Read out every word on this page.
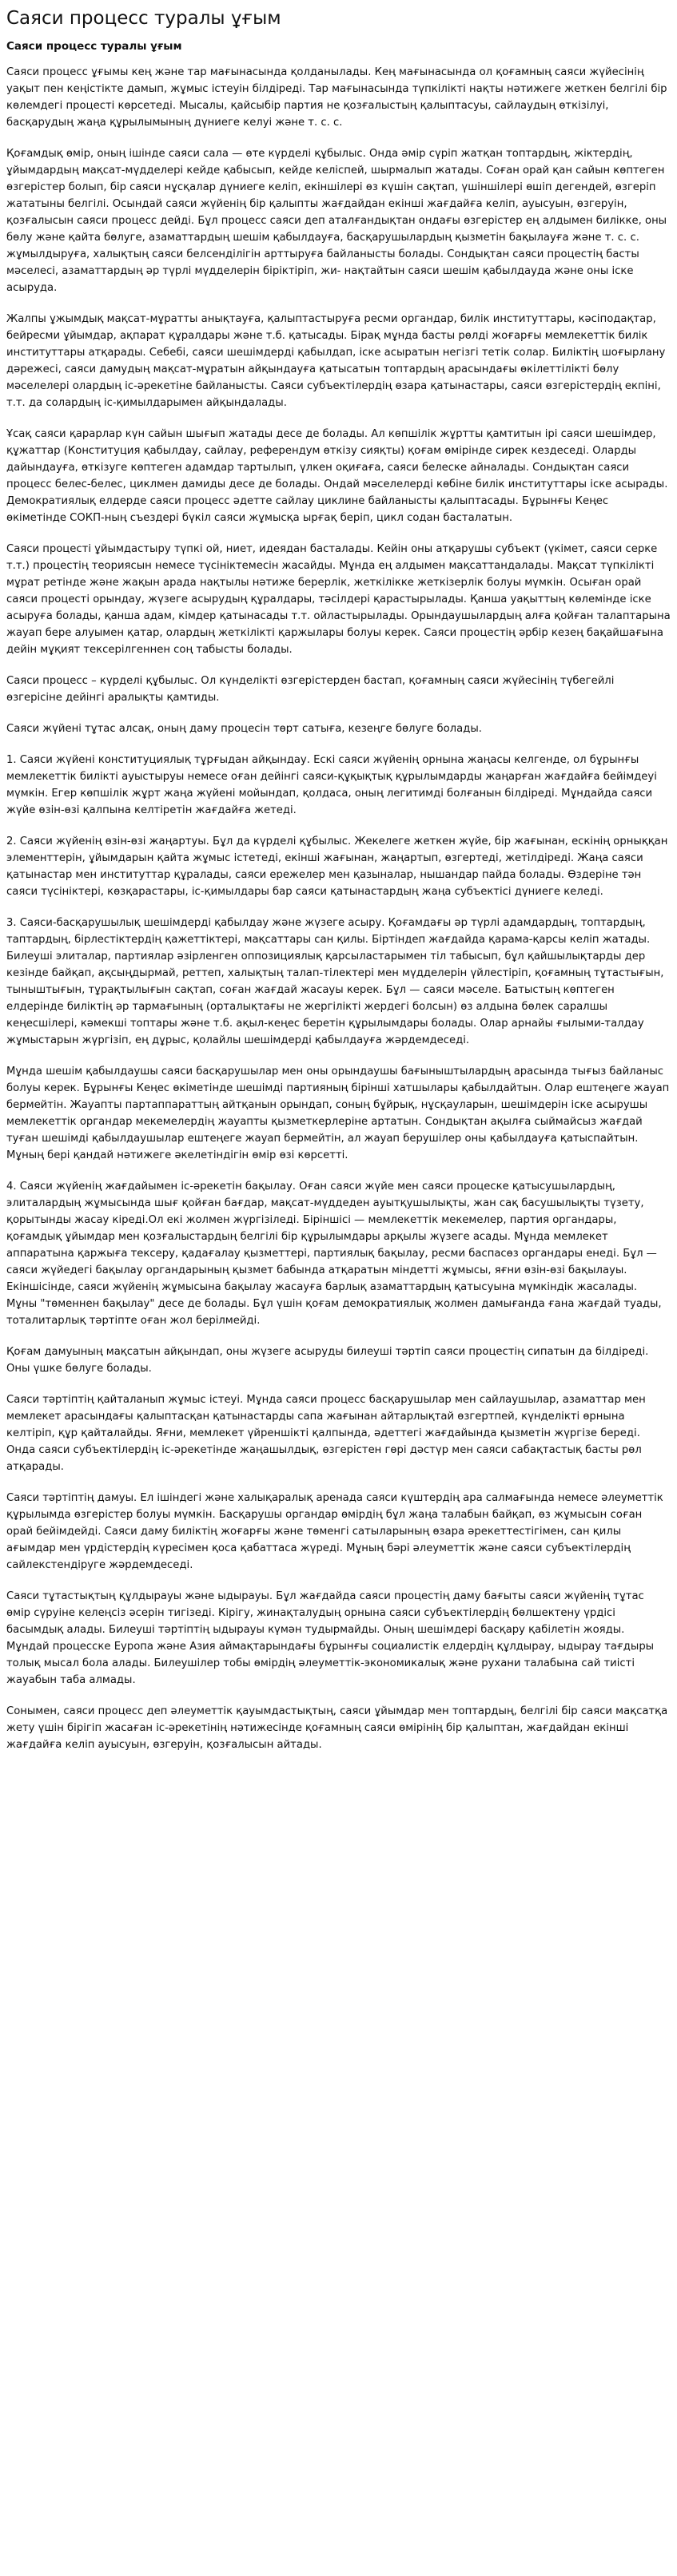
Саяси процесс туралы ұғым
Саяси процесс туралы ұғым

Саяси процесс ұғымы кең және тар мағынасында қолданылады. Кең мағынасында ол қоғамның саяси жүйесінің уақыт пен кеңістікте дамып, жұмыс істеуін білдіреді. Тар мағынасында түпкілікті нақты нәтижеге жеткен белгілі бір көлемдегі процесті көрсетеді. Мысалы, қайсыбір партия не қозғалыстың қалыптасуы, сайлаудың өткізілуі, басқарудың жаңа құрылымының дүниеге келуі және т. с. с.

Қоғамдық өмір, оның ішінде саяси сала — өте күрделі құбылыс. Онда әмір сүріп жатқан топтардың, жіктердің, ұйымдардың мақсат-мүдделері кейде қабысып, кейде келіспей, шырмалып жатады. Соған орай қан сайын көптеген өзгерістер болып, бір саяси нұсқалар дүниеге келіп, екіншілері өз күшін сақтап, үшіншілері өшіп дегендей, өзгеріп жататыны белгілі. Осындай саяси жүйенің бір қалыпты жағдайдан екінші жағдайға келіп, ауысуын, өзгеруін, қозғалысын саяси процесс дейді. Бұл процесс саяси деп аталғандықтан ондағы өзгерістер ең алдымен билікке, оны бөлу және қайта бөлуге, азаматтардың шешім қабылдауға, басқарушылардың қызметін бақылауға және т. с. с. жұмылдыруға, халықтың саяси белсенділігін арттыруға байланысты болады. Сондықтан саяси процестің басты мәселесі, азаматтардың әр түрлі мүдделерін біріктіріп, жи- нақтайтын саяси шешім қабылдауда және оны іске асыруда.

Жалпы ұжымдық мақсат-мұратты анықтауға, қалыптастыруға ресми органдар, билік институттары, кәсіподақтар, бейресми ұйымдар, ақпарат құралдары және т.б. қатысады. Бірақ мұнда басты рөлді жоғарғы мемлекеттік билік институттары атқарады. Себебі, саяси шешімдерді қабылдап, іске асыратын негізгі тетік солар. Биліктің шоғырлану дәрежесі, саяси дамудың мақсат-мұратын айқындауға қатысатын топтардың арасындағы өкілеттілікті бөлу мәселелері олардың іс-әрекетіне байланысты. Саяси субъектілердің өзара қатынастары, саяси өзгерістердің екпіні, т.т. да солардың іс-қимылдарымен айқындалады.

Ұсақ саяси қарарлар күн сайын шығып жатады десе де болады. Ал көпшілік жұртты қамтитын ірі саяси шешімдер, құжаттар (Конституция қабылдау, сайлау, референдум өткізу сияқты) қоғам өмірінде сирек кездеседі. Оларды дайындауға, өткізуге көптеген адамдар тартылып, үлкен оқиғаға, саяси белеске айналады. Сондықтан саяси процесс белес-белес, циклмен дамиды десе де болады. Ондай мәселелерді көбіне билік институттары іске асырады. Демократиялық елдерде саяси процесс әдетте сайлау циклине байланысты қалыптасады. Бұрынғы Кеңес өкіметінде СОКП-ның съездері бүкіл саяси жұмысқа ырғақ беріп, цикл содан басталатын.

Саяси процесті ұйымдастыру түпкі ой, ниет, идеядан басталады. Кейін оны атқарушы субъект (үкімет, саяси серке т.т.) процестің теориясын немесе түсініктемесін жасайды. Мұнда ең алдымен мақсаттандалады. Мақсат түпкілікті мұрат ретінде және жақын арада нақтылы нәтиже берерлік, жеткілікке жеткізерлік болуы мүмкін. Осыған орай саяси процесті орындау, жүзеге асырудың құралдары, тәсілдері қарастырылады. Қанша уақыттың көлемінде іске асыруға болады, қанша адам, кімдер қатынасады т.т. ойластырылады. Орындаушылардың алға қойған талаптарына жауап бере алуымен қатар, олардың жеткілікті қаржылары болуы керек. Саяси процестің әрбір кезең бақайшағына дейін мұқият тексерілгеннен соң табысты болады.

Саяси процесс – күрделі құбылыс. Ол күнделікті өзгерістерден бастап, қоғамның саяси жүйесінің түбегейлі өзгерісіне дейінгі аралықты қамтиды.

Саяси жүйені тұтас алсақ, оның даму процесін төрт сатыға, кезеңге бөлуге болады.

1. Саяси жүйені конституциялық тұрғыдан айқындау. Ескі саяси жүйенің орнына жаңасы келгенде, ол бұрынғы мемлекеттік билікті ауыстыруы немесе оған дейінгі саяси-құқықтық құрылымдарды жаңарған жағдайға бейімдеуі мүмкін. Егер көпшілік жұрт жаңа жүйені мойындап, қолдаса, оның легитимді болғанын білдіреді. Мұндайда саяси жүйе өзін-өзі қалпына келтіретін жағдайға жетеді.

2. Саяси жүйенің өзін-өзі жаңартуы. Бұл да күрделі құбылыс. Жекелеге жеткен жүйе, бір жағынан, ескінің орныққан элементтерін, ұйымдарын қайта жұмыс істетеді, екінші жағынан, жаңартып, өзгертеді, жетілдіреді. Жаңа саяси қатынастар мен институттар құралады, саяси ережелер мен қазыналар, нышандар пайда болады. Өздеріне тән саяси түсініктері, көзқарастары, іс-қимылдары бар саяси қатынастардың жаңа субъектісі дүниеге келеді.

3. Саяси-басқарушылық шешімдерді қабылдау және жүзеге асыру. Қоғамдағы әр түрлі адамдардың, топтардың, таптардың, бірлестіктердің қажеттіктері, мақсаттары сан қилы. Біртіндеп жағдайда қарама-қарсы келіп жатады. Билеуші элиталар, партиялар әзірленген оппозициялық қарсыластарымен тіл табысып, бұл қайшылықтарды дер кезінде байқап, ақсыңдырмай, реттеп, халықтың талап-тілектері мен мүдделерін үйлестіріп, қоғамның тұтастығын, тыныштығын, тұрақтылығын сақтап, соған жағдай жасауы керек. Бұл — саяси мәселе. Батыстың көптеген елдерінде биліктің әр тармағының (орталықтағы не жергілікті жердегі болсын) өз алдына бөлек саралшы кеңесшілері, кәмекші топтары және т.б. ақыл-кеңес беретін құрылымдары болады. Олар арнайы ғылыми-талдау жұмыстарын жүргізіп, ең дұрыс, қолайлы шешімдерді қабылдауға жәрдемдеседі.

Мұнда шешім қабылдаушы саяси басқарушылар мен оны орындаушы бағыныштылардың арасында тығыз байланыс болуы керек. Бұрынғы Кеңес өкіметінде шешімді партияның бірінші хатшылары қабылдайтын. Олар ештеңеге жауап бермейтін. Жауапты партаппараттың айтқанын орындап, соның бұйрық, нұсқауларын, шешімдерін іске асырушы мемлекеттік органдар мекемелердің жауапты қызметкерлеріне артатын. Сондықтан ақылға сыймайсыз жағдай туған шешімді қабылдаушылар ештеңеге жауап бермейтін, ал жауап берушілер оны қабылдауға қатыспайтын. Мұның бері қандай нәтижеге әкелетіндігін өмір өзі көрсетті.

4. Саяси жүйенің жағдайымен іс-әрекетін бақылау. Оған саяси жүйе мен саяси процеске қатысушылардың, элиталардың жұмысында шығ қойған бағдар, мақсат-мүддеден ауытқушылықты, жан сақ басушылықты түзету, қорытынды жасау кіреді.Ол екі жолмен жүргізіледі. Біріншісі — мемлекеттік мекемелер, партия органдары, қоғамдық ұйымдар мен қозғалыстардың белгілі бір құрылымдары арқылы жүзеге асады. Мұнда мемлекет аппаратына қаржыға тексеру, қадағалау қызметтері, партиялық бақылау, ресми баспасөз органдары енеді. Бұл — саяси жүйедегі бақылау органдарының қызмет бабында атқаратын міндетті жұмысы, яғни өзін-өзі бақылауы. Екіншісінде, саяси жүйенің жұмысына бақылау жасауға барлық азаматтардың қатысуына мүмкіндік жасалады. Мұны "төменнен бақылау" десе де болады. Бұл үшін қоғам демократиялық жолмен дамығанда ғана жағдай туады, тоталитарлық тәртіпте оған жол берілмейді.

Қоғам дамуының мақсатын айқындап, оны жүзеге асыруды билеуші тәртіп саяси процестің сипатын да білдіреді. Оны үшке бөлуге болады.

Саяси тәртіптің қайталанып жұмыс істеуі. Мұнда саяси процесс басқарушылар мен сайлаушылар, азаматтар мен мемлекет арасындағы қалыптасқан қатынастарды сапа жағынан айтарлықтай өзгертпей, күнделікті өрнына келтіріп, құр қайталайды. Яғни, мемлекет үйреншікті қалпында, әдеттегі жағдайында қызметін жүргізе береді. Онда саяси субъектілердің іс-әрекетінде жаңашылдық, өзгерістен гөрі дәстүр мен саяси сабақтастық басты рөл атқарады.

Саяси тәртіптің дамуы. Ел ішіндегі және халықаралық аренада саяси күштердің ара салмағында немесе әлеуметтік құрылымда өзгерістер болуы мүмкін. Басқарушы органдар өмірдің бұл жаңа талабын байқап, өз жұмысын соған орай бейімдейді. Саяси даму биліктің жоғарғы және төменгі сатыларының өзара әрекеттестігімен, сан қилы ағымдар мен үрдістердің күресімен қоса қабаттаса жүреді. Мұның бәрі әлеуметтік және саяси субъектілердің сайлекстендіруге жәрдемдеседі.

Саяси тұтастықтың құлдырауы және ыдырауы. Бұл жағдайда саяси процестің даму бағыты саяси жүйенің тұтас өмір сүруіне келеңсіз әсерін тигізеді. Кірігу, жинақталудың орнына саяси субъектілердің бөлшектену үрдісі басымдық алады. Билеуші тәртіптің ыдырауы күмән тудырмайды. Оның шешімдері басқару қабілетін жояды. Мұндай процесске Еуропа және Азия аймақтарындағы бұрынғы социалистік елдердің құлдырау, ыдырау тағдыры толық мысал бола алады. Билеушілер тобы өмірдің әлеуметтік-экономикалық және рухани талабына сай тиісті жауабын таба алмады.

Сонымен, саяси процесс деп әлеуметтік қауымдастықтың, саяси ұйымдар мен топтардың, белгілі бір саяси мақсатқа жету үшін бірігіп жасаған іс-әрекетінің нәтижесінде қоғамның саяси өмірінің бір қалыптан, жағдайдан екінші жағдайға келіп ауысуын, өзгеруін, қозғалысын айтады.
